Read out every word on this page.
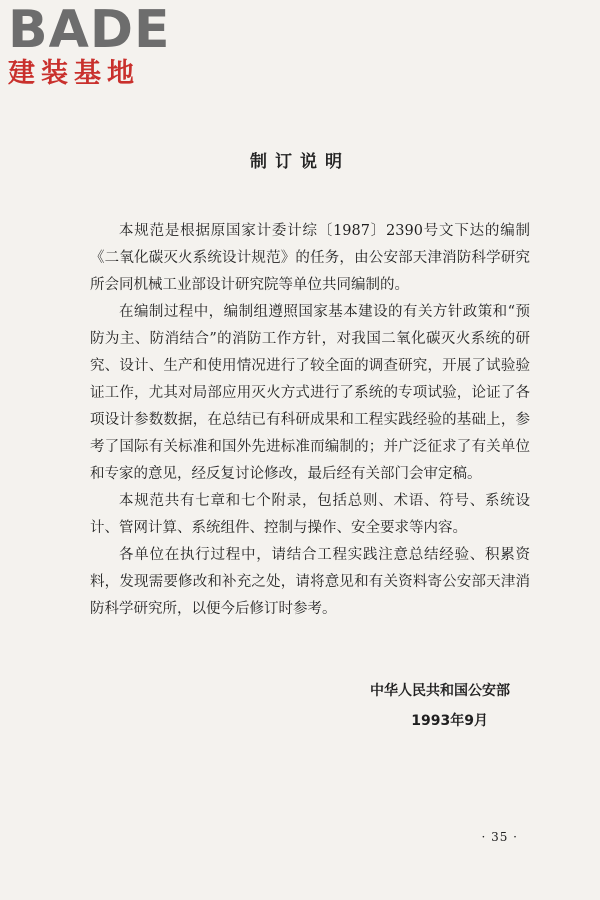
BADE
建装基地
制订说明

本规范是根据原国家计委计综〔1987〕2390号文下达的编制《二氧化碳灭火系统设计规范》的任务，由公安部天津消防科学研究所会同机械工业部设计研究院等单位共同编制的。

在编制过程中，编制组遵照国家基本建设的有关方针政策和“预防为主、防消结合”的消防工作方针，对我国二氧化碳灭火系统的研究、设计、生产和使用情况进行了较全面的调查研究，开展了试验验证工作，尤其对局部应用灭火方式进行了系统的专项试验，论证了各项设计参数数据，在总结已有科研成果和工程实践经验的基础上，参考了国际有关标准和国外先进标准而编制的；并广泛征求了有关单位和专家的意见，经反复讨论修改，最后经有关部门会审定稿。

本规范共有七章和七个附录，包括总则、术语、符号、系统设计、管网计算、系统组件、控制与操作、安全要求等内容。

各单位在执行过程中，请结合工程实践注意总结经验、积累资料，发现需要修改和补充之处，请将意见和有关资料寄公安部天津消防科学研究所，以便今后修订时参考。

中华人民共和国公安部
1993年9月
· 35 ·
